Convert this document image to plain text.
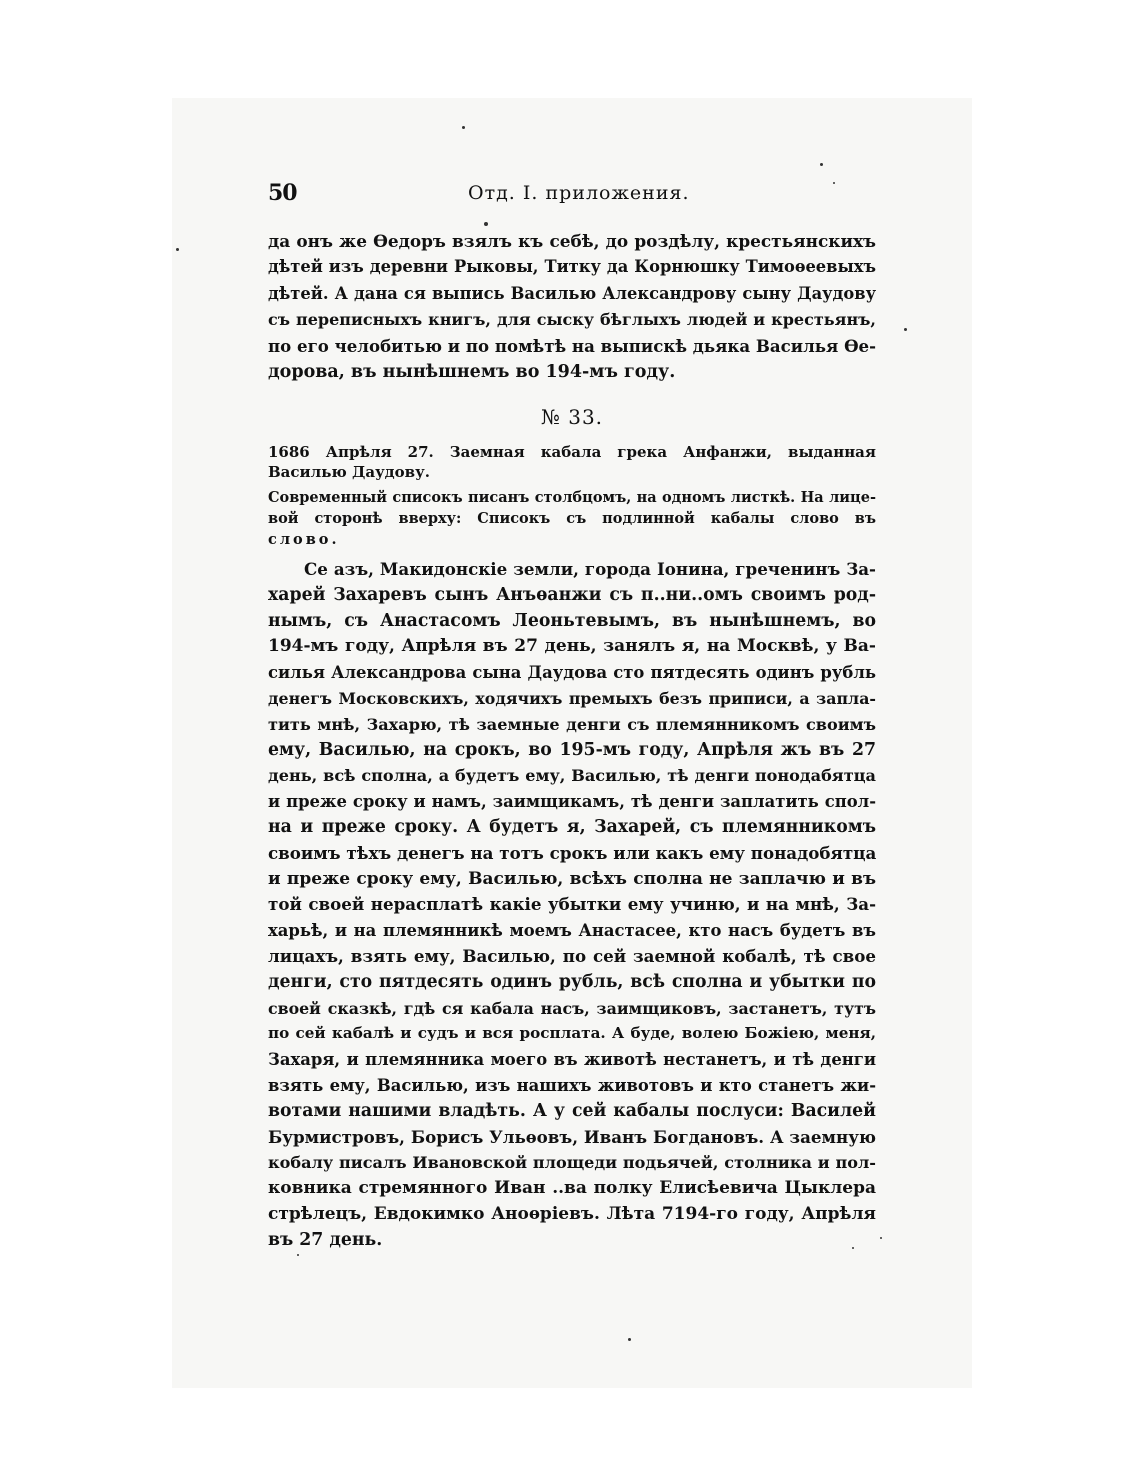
50	Отд. I. приложения.
да онъ же Ѳедоръ взялъ къ себѣ, до роздѣлу, крестьянскихъ
дѣтей изъ деревни Рыковы, Титку да Корнюшку Тимоѳеевыхъ
дѣтей. А дана ся выпись Василью Александрову сыну Даудову
съ переписныхъ книгъ, для сыску бѣглыхъ людей и крестьянъ,
по его челобитью и по помѣтѣ на выпискѣ дьяка Василья Ѳе-
дорова, въ нынѣшнемъ во 194-мъ году.
№ 33.
1686 Апрѣля 27. Заемная кабала грека Анфанжи, выданная
Василью Даудову.
Современный списокъ писанъ столбцомъ, на одномъ листкѣ. На лице-
вой сторонѣ вверху: Списокъ съ подлинной кабалы слово въ
слово.
Се азъ, Макидонскіе земли, города Іонина, греченинъ За-
харей Захаревъ сынъ Анъѳанжи съ п..ни..омъ своимъ род-
нымъ, съ Анастасомъ Леоньтевымъ, въ нынѣшнемъ, во
194-мъ году, Апрѣля въ 27 день, занялъ я, на Москвѣ, у Ва-
силья Александрова сына Даудова сто пятдесять одинъ рубль
денегъ Московскихъ, ходячихъ премыхъ безъ приписи, а запла-
тить мнѣ, Захарю, тѣ заемные денги съ племянникомъ своимъ
ему, Василью, на срокъ, во 195-мъ году, Апрѣля жъ въ 27
день, всѣ сполна, а будетъ ему, Василью, тѣ денги понодабятца
и преже сроку и намъ, заимщикамъ, тѣ денги заплатить спол-
на и преже сроку. А будетъ я, Захарей, съ племянникомъ
своимъ тѣхъ денегъ на тотъ срокъ или какъ ему понадобятца
и преже сроку ему, Василью, всѣхъ сполна не заплачю и въ
той своей нерасплатѣ какіе убытки ему учиню, и на мнѣ, За-
харьѣ, и на племянникѣ моемъ Анастасее, кто насъ будетъ въ
лицахъ, взять ему, Василью, по сей заемной кобалѣ, тѣ свое
денги, сто пятдесять одинъ рубль, всѣ сполна и убытки по
своей сказкѣ, гдѣ ся кабала насъ, заимщиковъ, застанетъ, тутъ
по сей кабалѣ и судъ и вся росплата. А буде, волею Божіею, меня,
Захаря, и племянника моего въ животѣ нестанетъ, и тѣ денги
взять ему, Василью, изъ нашихъ животовъ и кто станетъ жи-
вотами нашими владѣть. А у сей кабалы послуси: Василей
Бурмистровъ, Борисъ Ульѳовъ, Иванъ Богдановъ. А заемную
кобалу писалъ Ивановской площеди подьячей, столника и пол-
ковника стремянного Иван ..ва полку Елисѣевича Цыклера
стрѣлецъ, Евдокимко Аноѳріевъ. Лѣта 7194-го году, Апрѣля
въ 27 день.
